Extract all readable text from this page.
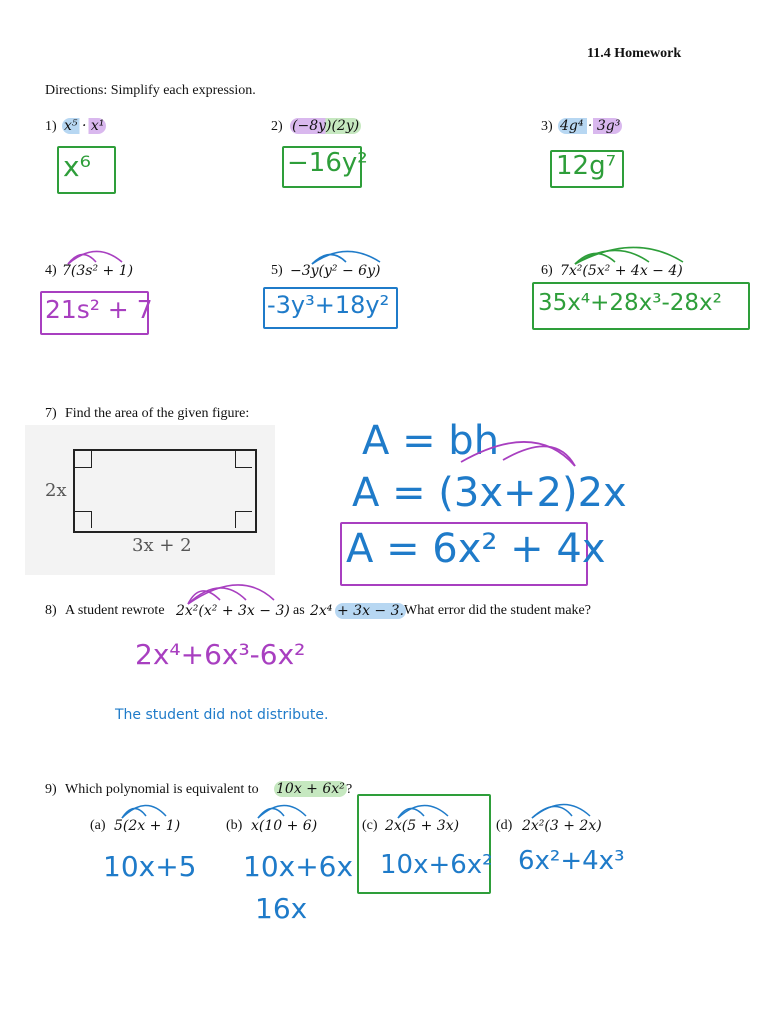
11.4 Homework
Directions: Simplify each expression.
1) x⁵ · x¹
x⁶
2) (−8y)(2y)
−16y²
3) 4g⁴ · 3g³
12g⁷
4) 7(3s² + 1)
21s² + 7
5) −3y(y² − 6y)
-3y³+18y²
6) 7x²(5x² + 4x − 4)
35x⁴+28x³-28x²
7) Find the area of the given figure:
2x
3x + 2
A = bh
A = (3x+2)2x
A = 6x² + 4x
8) A student rewrote 2x²(x² + 3x − 3) as 2x⁴ + 3x − 3. What error did the student make?
2x⁴+6x³-6x²
The student did not distribute.
9) Which polynomial is equivalent to 10x + 6x² ?
(a) 5(2x + 1)
10x+5
(b) x(10 + 6)
10x+6x
16x
(c) 2x(5 + 3x)
10x+6x²
(d) 2x²(3 + 2x)
6x²+4x³
